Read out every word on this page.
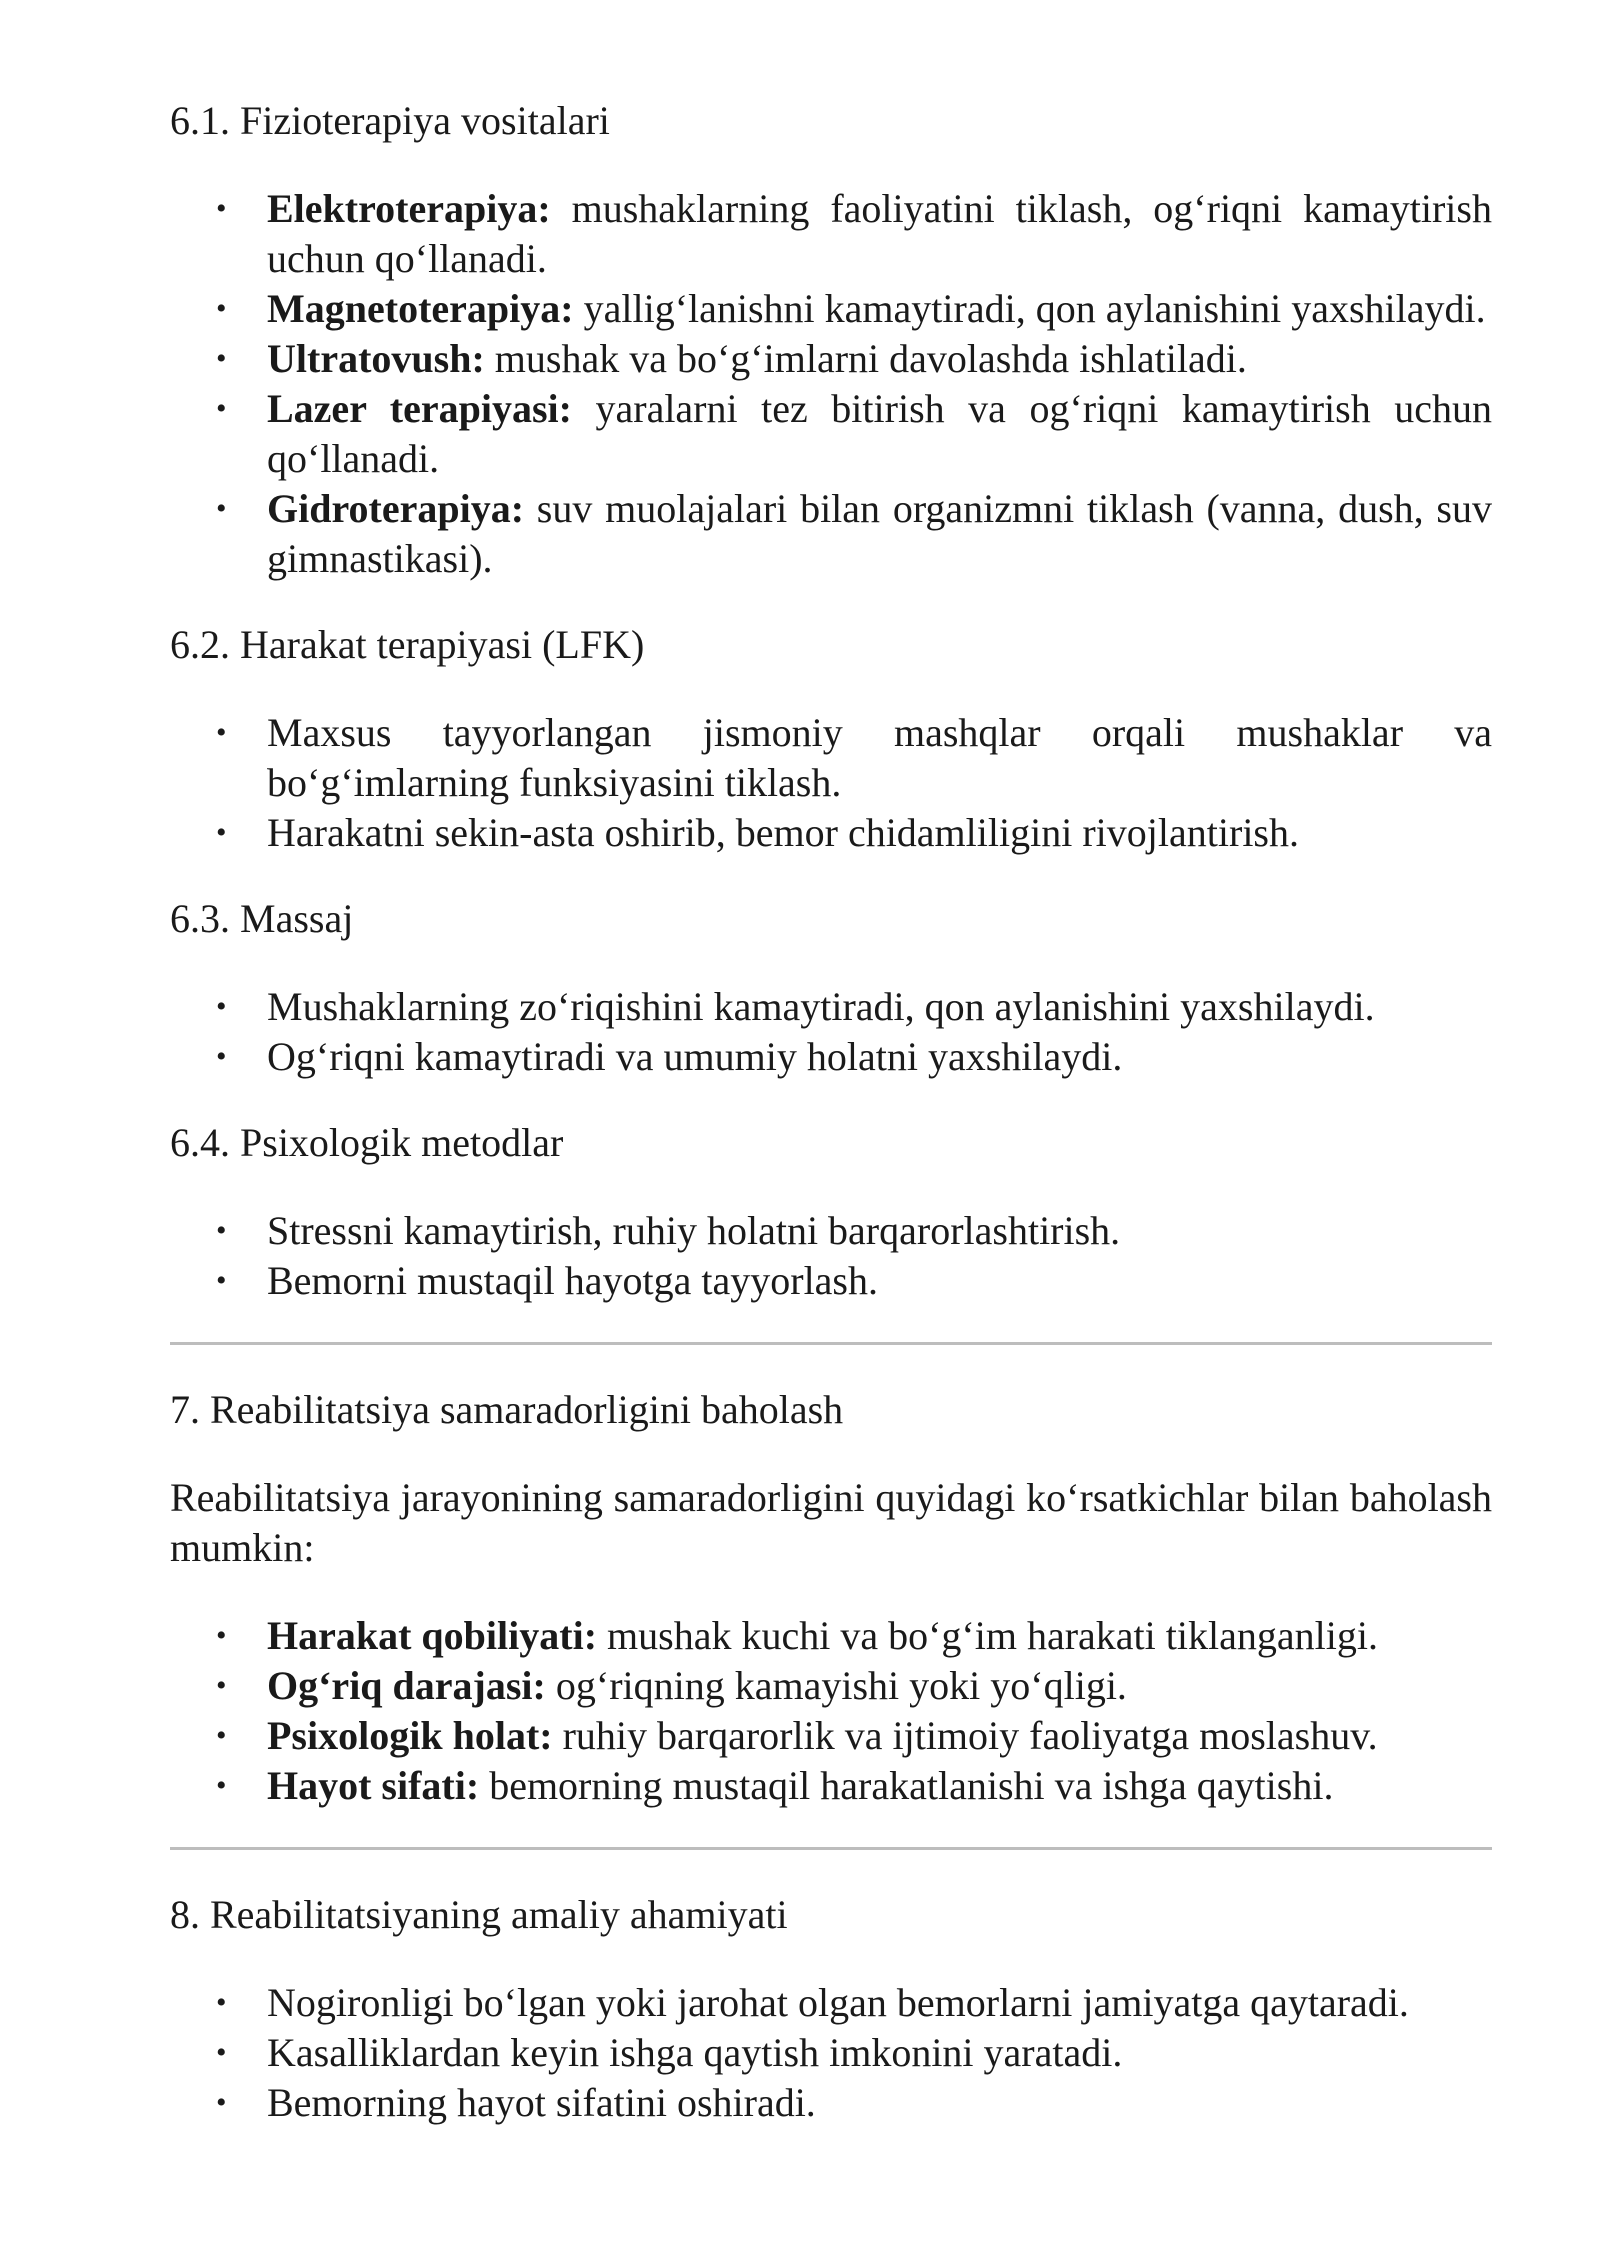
6.1. Fizioterapiya vositalari
• Elektroterapiya: mushaklarning faoliyatini tiklash, og‘riqni kamaytirish uchun qo‘llanadi.
• Magnetoterapiya: yallig‘lanishni kamaytiradi, qon aylanishini yaxshilaydi.
• Ultratovush: mushak va bo‘g‘imlarni davolashda ishlatiladi.
• Lazer terapiyasi: yaralarni tez bitirish va og‘riqni kamaytirish uchun qo‘llanadi.
• Gidroterapiya: suv muolajalari bilan organizmni tiklash (vanna, dush, suv gimnastikasi).
6.2. Harakat terapiyasi (LFK)
• Maxsus tayyorlangan jismoniy mashqlar orqali mushaklar va bo‘g‘imlarning funksiyasini tiklash.
• Harakatni sekin-asta oshirib, bemor chidamliligini rivojlantirish.
6.3. Massaj
• Mushaklarning zo‘riqishini kamaytiradi, qon aylanishini yaxshilaydi.
• Og‘riqni kamaytiradi va umumiy holatni yaxshilaydi.
6.4. Psixologik metodlar
• Stressni kamaytirish, ruhiy holatni barqarorlashtirish.
• Bemorni mustaqil hayotga tayyorlash.
7. Reabilitatsiya samaradorligini baholash

Reabilitatsiya jarayonining samaradorligini quyidagi ko‘rsatkichlar bilan baholash mumkin:

• Harakat qobiliyati: mushak kuchi va bo‘g‘im harakati tiklanganligi.
• Og‘riq darajasi: og‘riqning kamayishi yoki yo‘qligi.
• Psixologik holat: ruhiy barqarorlik va ijtimoiy faoliyatga moslashuv.
• Hayot sifati: bemorning mustaqil harakatlanishi va ishga qaytishi.
8. Reabilitatsiyaning amaliy ahamiyati
• Nogironligi bo‘lgan yoki jarohat olgan bemorlarni jamiyatga qaytaradi.
• Kasalliklardan keyin ishga qaytish imkonini yaratadi.
• Bemorning hayot sifatini oshiradi.
